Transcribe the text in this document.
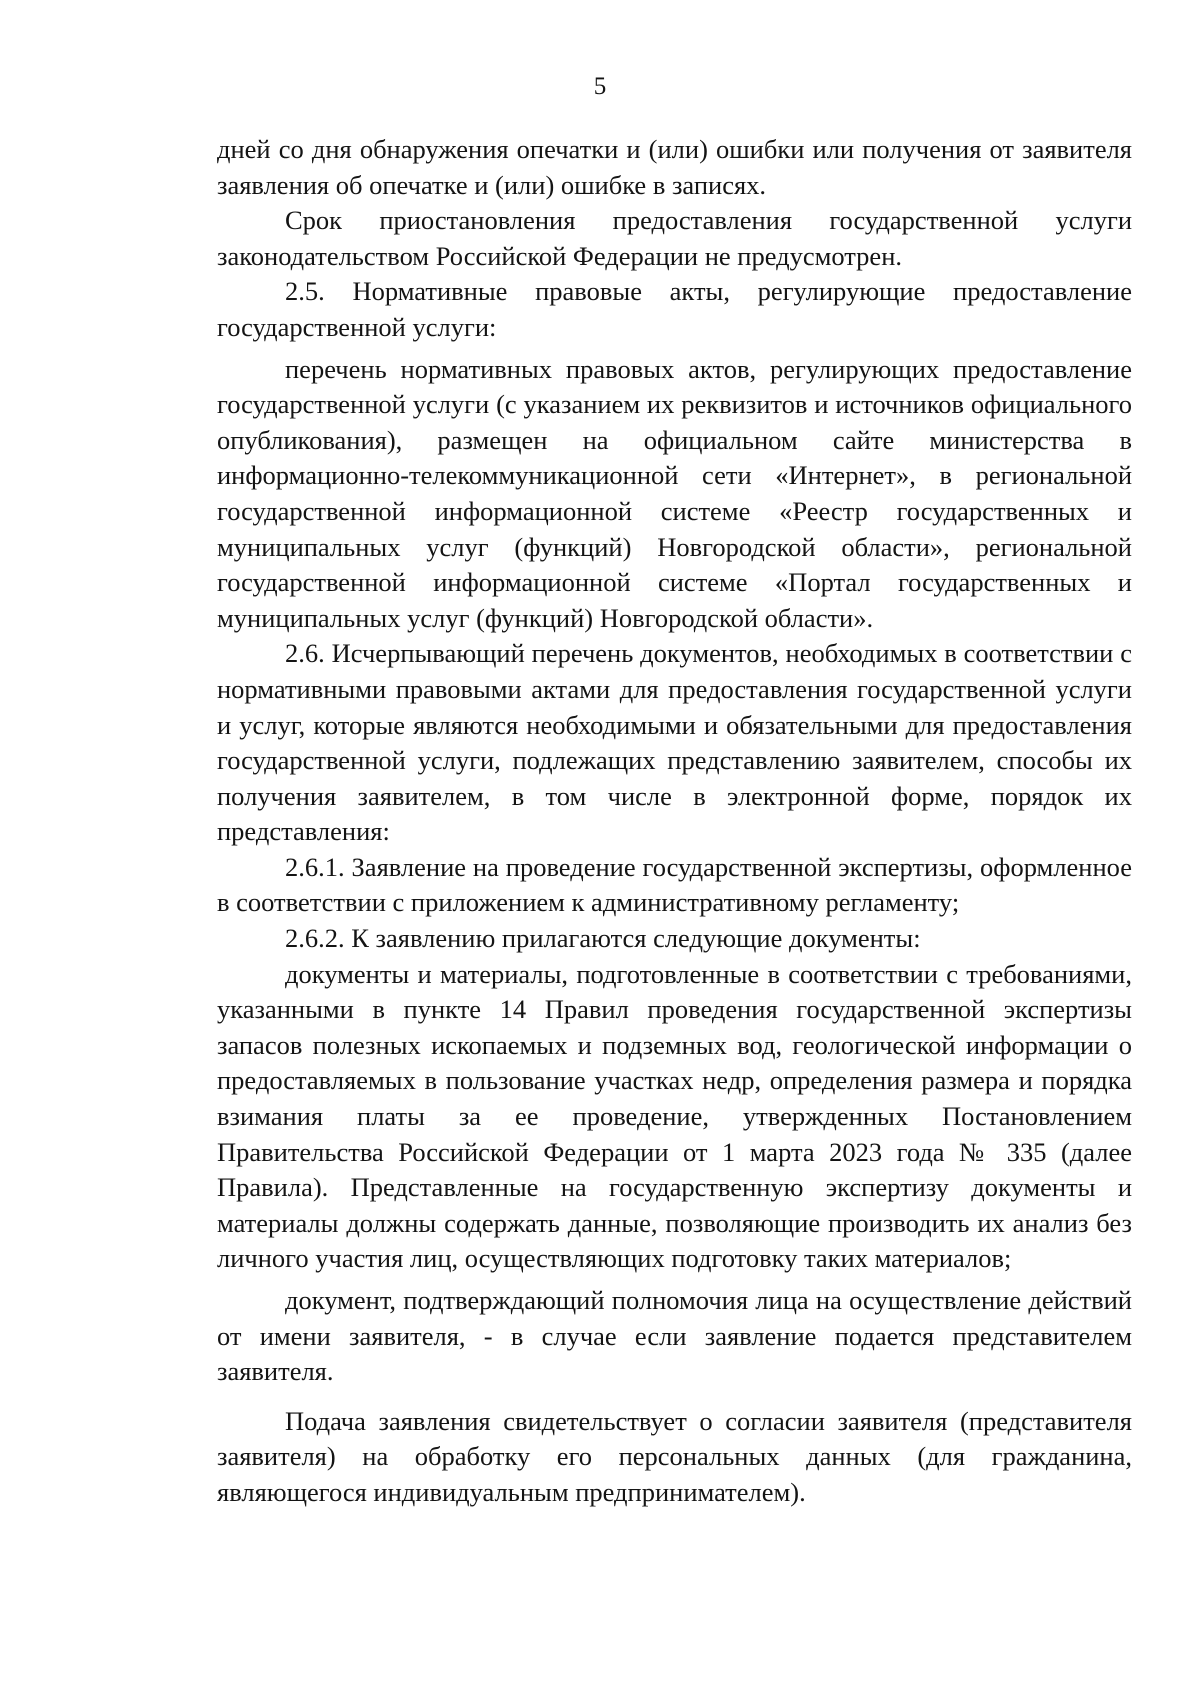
5

дней со дня обнаружения опечатки и (или) ошибки или получения от заявителя заявления об опечатке и (или) ошибке в записях.

Срок приостановления предоставления государственной услуги законодательством Российской Федерации не предусмотрен.

2.5. Нормативные правовые акты, регулирующие предоставление государственной услуги:

перечень нормативных правовых актов, регулирующих предоставление государственной услуги (с указанием их реквизитов и источников официального опубликования), размещен на официальном сайте министерства в информационно-телекоммуникационной сети «Интернет», в региональной государственной информационной системе «Реестр государственных и муниципальных услуг (функций) Новгородской области», региональной государственной информационной системе «Портал государственных и муниципальных услуг (функций) Новгородской области».

2.6. Исчерпывающий перечень документов, необходимых в соответствии с нормативными правовыми актами для предоставления государственной услуги и услуг, которые являются необходимыми и обязательными для предоставления государственной услуги, подлежащих представлению заявителем, способы их получения заявителем, в том числе в электронной форме, порядок их представления:

2.6.1. Заявление на проведение государственной экспертизы, оформленное в соответствии с приложением к административному регламенту;

2.6.2. К заявлению прилагаются следующие документы:

документы и материалы, подготовленные в соответствии с требованиями, указанными в пункте 14 Правил проведения государственной экспертизы запасов полезных ископаемых и подземных вод, геологической информации о предоставляемых в пользование участках недр, определения размера и порядка взимания платы за ее проведение, утвержденных Постановлением Правительства Российской Федерации от 1 марта 2023 года № 335 (далее Правила). Представленные на государственную экспертизу документы и материалы должны содержать данные, позволяющие производить их анализ без личного участия лиц, осуществляющих подготовку таких материалов;

документ, подтверждающий полномочия лица на осуществление действий от имени заявителя, - в случае если заявление подается представителем заявителя.

Подача заявления свидетельствует о согласии заявителя (представителя заявителя) на обработку его персональных данных (для гражданина, являющегося индивидуальным предпринимателем).
